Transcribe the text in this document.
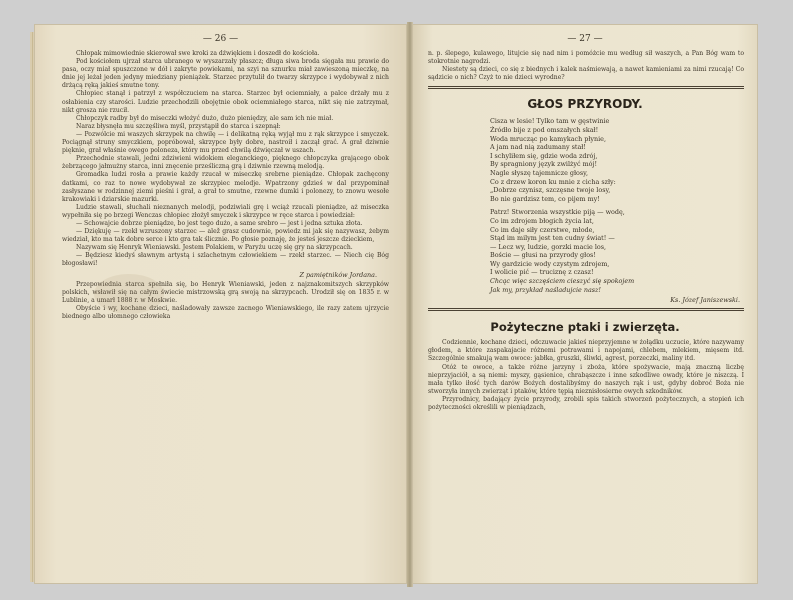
— 26 —

Chłopak mimowiednie skierował swe kroki za dźwiękiem i doszedł do kościoła.

Pod kościołem ujrzał starca ubranego w wyszarzały płaszcz; długa siwa broda sięgała mu prawie do pasa, oczy miał spuszczone w dół i zakryte powiekami, na szyi na sznurku miał zawieszoną mieczkę, na dnie jej leżał jeden jedyny miedziany pieniążek. Starzec przytulił do twarzy skrzypce i wydobywał z nich drżącą ręką jakieś smutne tony.

Chłopiec stanął i patrzył z współczuciem na starca. Starzec był ociemniały, a palce drżały mu z osłabienia czy starości. Ludzie przechodzili obojętnie obok ociemniałego starca, nikt się nie zatrzymał, nikt grosza nie rzucił.

Chłopczyk radby był do miseczki włożyć dużo, dużo pieniędzy, ale sam ich nie miał.

Naraz błysnęła mu szczęśliwa myśl, przystąpił do starca i szepnął:

— Pozwólcie mi waszych skrzypek na chwilę — i delikatną ręką wyjął mu z rąk skrzypce i smyczek. Pociągnął struny smyczkiem, popróbował, skrzypce były dobre, nastroił i zaczął grać. A grał dziwnie pięknie, grał właśnie owego poloneza, który mu przed chwilą dźwięczał w uszach.

Przechodnie stawali, jedni zdziwieni widokiem eleganckiego, pięknego chłopczyka grającego obok żebrzącego jałmużny starca, inni znęcenie prześliczną grą i dziwnie rzewną melodją.

Gromadka ludzi rosła a prawie każdy rzucał w miseczkę srebrne pieniądze. Chłopak zachęcony datkami, co raz to nowe wydobywał ze skrzypiec melodje. Wpatrzony gdzieś w dal przypominał zasłyszane w rodzinnej ziemi pieśni i grał, a grał to smutne, rzewne dumki i polonezy, to znowu wesołe krakowiaki i dziarskie mazurki.

Ludzie stawali, słuchali nieznanych melodji, podziwiali grę i wciąż rzucali pieniądze, aż miseczka wypełniła się po brzegi Wenczas chłopiec złożył smyczek i skrzypce w ręce starca i powiedział:

— Schowajcie dobrze pieniądze, bo jest tego dużo, a same srebro — jest i jedna sztuka złota.

— Dziękuję — rzekł wzruszony starzec — alež grasz cudownie, powiedz mi jak się nazywasz, żebym wiedział, kto ma tak dobre serce i kto gra tak ślicznie. Po głosie poznaję, że jesteś jeszcze dzieckiem,

Nazywam się Henryk Wieniawski. Jestem Polakiem, w Paryżu uczę się gry na skrzypcach.

— Będziesz kiedyś sławnym artystą i szlachetnym człowiekiem — rzekł starzec. — Niech cię Bóg błogosławi!

Z pamiętników Jordana.

Przepowiednia starca spełniła się, bo Henryk Wieniawski, jeden z najznakomitszych skrzypków polskich, wsławił się na całym świecie mistrzowską grą swoją na skrzypcach. Urodził się on 1835 r. w Lublinie, a umarł 1888 r. w Moskwie.

Obyście i wy, kochane dzieci, naśladowały zawsze zacnego Wieniawskiego, ile razy zatem ujrzycie biednego albo ułomnego człowieka

— 27 —

n. p. ślepego, kulawego, litujcie się nad nim i pomóżcie mu według sił waszych, a Pan Bóg wam to stokrotnie nagrodzi.

Niestety są dzieci, co się z biednych i kalek naśmiewają, a nawet kamieniami za nimi rzucają! Co sądzicie o nich? Czyż to nie dzieci wyrodne?

GŁOS PRZYRODY.
Cisza w lesie! Tylko tam w gęstwinie
Źródło bije z pod omszałych skał!
Woda mrucząc po kamykach płynie,
A jam nad nią zadumany stał!
I schyliłem się, gdzie woda zdrój,
By spragniony język zwilżyć mój!
Nagle słyszę tajemnicze głosy,
Co z drzew koron ku mnie z cicha szły:
„Dobrze czynisz, szczęsne twoje losy,
Bo nie gardzisz tem, co pijem my!
Patrz! Stworzenia wszystkie piją — wodę,
Co im zdrojem błogich życia lat,
Co im daje siły czerstwe, młode,
Stąd im milym jest ten cudny świat! —
— Lecz wy, ludzie, gorzki macie los,
Boście — głusi na przyrody głos!
Wy gardzicie wody czystym zdrojem,
I wolicie pić — truciznę z czasz!
Chcąc więc szczęściem cieszyć się spokojem
Jak my, przykład naśladujcie nasz!
Ks. Józef Janiszewski.
Pożyteczne ptaki i zwierzęta.

Codziennie, kochane dzieci, odczuwacie jakieś nieprzyjemne w żołądku uczucie, które nazywamy głodem, a które zaspakajacie różnemi potrawami i napojami, chlebem, mlekiem, mięsem itd. Szczególnie smakują wam owoce: jabłka, gruszki, śliwki, agrest, porzeczki, maliny itd.

Otóż te owoce, a także różne jarzyny i zboża, które spożywacie, mają znaczną liczbę nieprzyjaciół, a są niemi: myszy, gąsienice, chrabąszcze i inne szkodliwe owady, które je niszczą. I mała tylko iłość tych darów Bożych dostalibyśmy do naszych rąk i ust, gdyby dobroć Boża nie stworzyła innych zwierząt i ptaków, które tępią nieznisłosierne owych szkodników.

Przyrodnicy, badający życie przyrody, zrobili spis takich stworzeń pożytecznych, a stopień ich pożyteczności określili w pieniądzach,
